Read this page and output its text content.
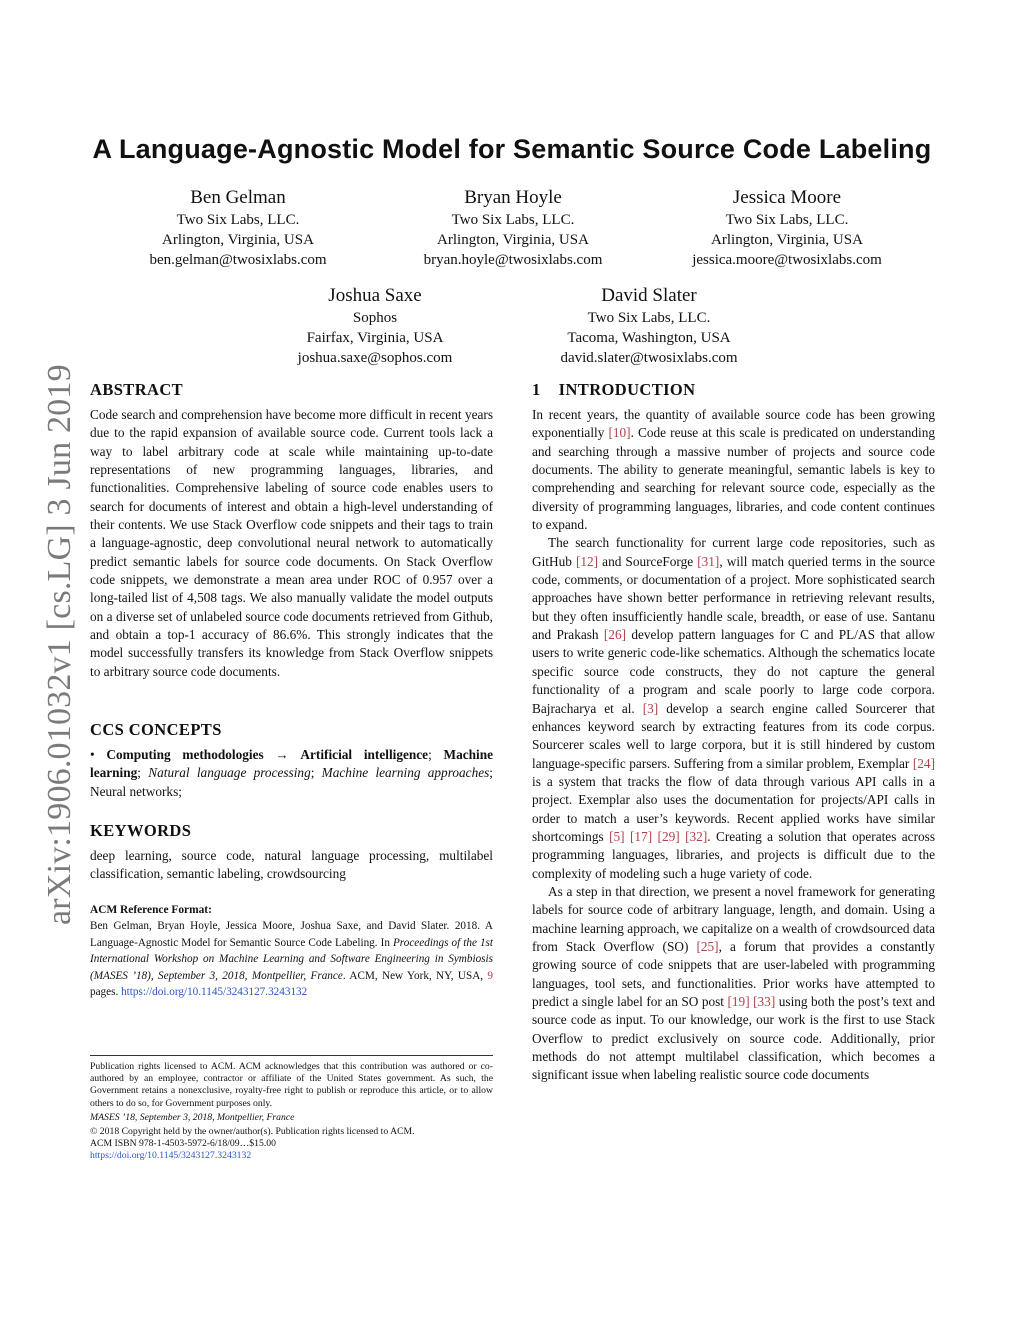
arXiv:1906.01032v1 [cs.LG] 3 Jun 2019
A Language-Agnostic Model for Semantic Source Code Labeling
Ben Gelman
Two Six Labs, LLC.
Arlington, Virginia, USA
ben.gelman@twosixlabs.com
Bryan Hoyle
Two Six Labs, LLC.
Arlington, Virginia, USA
bryan.hoyle@twosixlabs.com
Jessica Moore
Two Six Labs, LLC.
Arlington, Virginia, USA
jessica.moore@twosixlabs.com
Joshua Saxe
Sophos
Fairfax, Virginia, USA
joshua.saxe@sophos.com
David Slater
Two Six Labs, LLC.
Tacoma, Washington, USA
david.slater@twosixlabs.com
ABSTRACT
Code search and comprehension have become more difficult in recent years due to the rapid expansion of available source code. Current tools lack a way to label arbitrary code at scale while maintaining up-to-date representations of new programming languages, libraries, and functionalities. Comprehensive labeling of source code enables users to search for documents of interest and obtain a high-level understanding of their contents. We use Stack Overflow code snippets and their tags to train a language-agnostic, deep convolutional neural network to automatically predict semantic labels for source code documents. On Stack Overflow code snippets, we demonstrate a mean area under ROC of 0.957 over a long-tailed list of 4,508 tags. We also manually validate the model outputs on a diverse set of unlabeled source code documents retrieved from Github, and obtain a top-1 accuracy of 86.6%. This strongly indicates that the model successfully transfers its knowledge from Stack Overflow snippets to arbitrary source code documents.
CCS CONCEPTS
• Computing methodologies → Artificial intelligence; Machine learning; Natural language processing; Machine learning approaches; Neural networks;
KEYWORDS
deep learning, source code, natural language processing, multilabel classification, semantic labeling, crowdsourcing
ACM Reference Format:
Ben Gelman, Bryan Hoyle, Jessica Moore, Joshua Saxe, and David Slater. 2018. A Language-Agnostic Model for Semantic Source Code Labeling. In Proceedings of the 1st International Workshop on Machine Learning and Software Engineering in Symbiosis (MASES ’18), September 3, 2018, Montpellier, France. ACM, New York, NY, USA, 9 pages. https://doi.org/10.1145/3243127.3243132
Publication rights licensed to ACM. ACM acknowledges that this contribution was authored or co-authored by an employee, contractor or affiliate of the United States government. As such, the Government retains a nonexclusive, royalty-free right to publish or reproduce this article, or to allow others to do so, for Government purposes only.
MASES ’18, September 3, 2018, Montpellier, France
© 2018 Copyright held by the owner/author(s). Publication rights licensed to ACM.
ACM ISBN 978-1-4503-5972-6/18/09…$15.00
https://doi.org/10.1145/3243127.3243132
1 INTRODUCTION

In recent years, the quantity of available source code has been growing exponentially [10]. Code reuse at this scale is predicated on understanding and searching through a massive number of projects and source code documents. The ability to generate meaningful, semantic labels is key to comprehending and searching for relevant source code, especially as the diversity of programming languages, libraries, and code content continues to expand.

The search functionality for current large code repositories, such as GitHub [12] and SourceForge [31], will match queried terms in the source code, comments, or documentation of a project. More sophisticated search approaches have shown better performance in retrieving relevant results, but they often insufficiently handle scale, breadth, or ease of use. Santanu and Prakash [26] develop pattern languages for C and PL/AS that allow users to write generic code-like schematics. Although the schematics locate specific source code constructs, they do not capture the general functionality of a program and scale poorly to large code corpora. Bajracharya et al. [3] develop a search engine called Sourcerer that enhances keyword search by extracting features from its code corpus. Sourcerer scales well to large corpora, but it is still hindered by custom language-specific parsers. Suffering from a similar problem, Exemplar [24] is a system that tracks the flow of data through various API calls in a project. Exemplar also uses the documentation for projects/API calls in order to match a user’s keywords. Recent applied works have similar shortcomings [5] [17] [29] [32]. Creating a solution that operates across programming languages, libraries, and projects is difficult due to the complexity of modeling such a huge variety of code.

As a step in that direction, we present a novel framework for generating labels for source code of arbitrary language, length, and domain. Using a machine learning approach, we capitalize on a wealth of crowdsourced data from Stack Overflow (SO) [25], a forum that provides a constantly growing source of code snippets that are user-labeled with programming languages, tool sets, and functionalities. Prior works have attempted to predict a single label for an SO post [19] [33] using both the post’s text and source code as input. To our knowledge, our work is the first to use Stack Overflow to predict exclusively on source code. Additionally, prior methods do not attempt multilabel classification, which becomes a significant issue when labeling realistic source code documents
